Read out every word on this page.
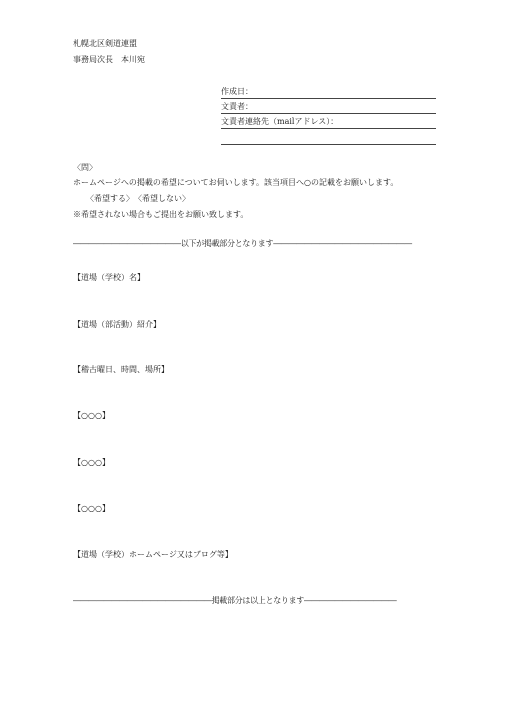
札幌北区剣道連盟
事務局次長　本川宛
作成日：
文責者：
文責者連絡先（mailアドレス）：
〈問〉
ホームページへの掲載の希望についてお伺いします。該当項目へ○の記載をお願いします。
〈希望する〉　〈希望しない〉
※希望されない場合もご提出をお願い致します。
――――――――――――――以下が掲載部分となります――――――――――――――――――
【道場（学校）名】
【道場（部活動）紹介】
【稽古曜日、時間、場所】
【○○○】
【○○○】
【○○○】
【道場（学校）ホームページ又はブログ等】
――――――――――――――――――掲載部分は以上となります――――――――――――
